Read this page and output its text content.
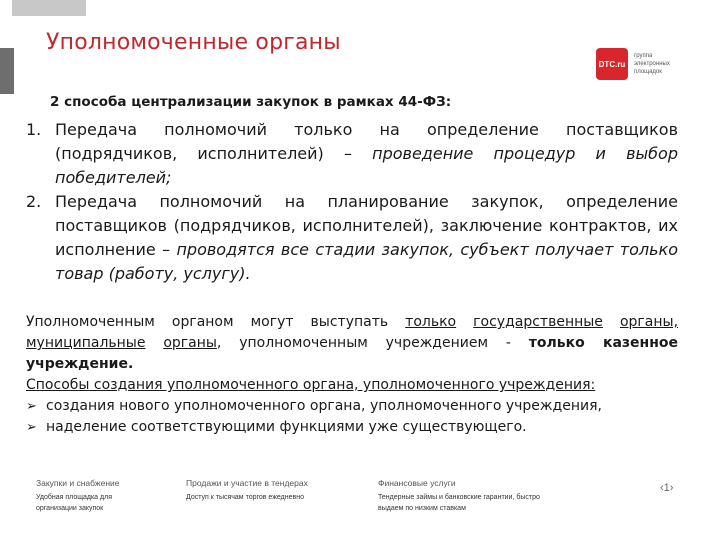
Уполномоченные органы
DTC.ru
группа электронных площадок
2 способа централизации закупок в рамках 44-ФЗ:
1. Передача полномочий только на определение поставщиков (подрядчиков, исполнителей) – проведение процедур и выбор победителей;
2. Передача полномочий на планирование закупок, определение поставщиков (подрядчиков, исполнителей), заключение контрактов, их исполнение – проводятся все стадии закупок, субъект получает только товар (работу, услугу).

Уполномоченным органом могут выступать только государственные органы, муниципальные органы, уполномоченным учреждением - только казенное учреждение.

Способы создания уполномоченного органа, уполномоченного учреждения:

➢ создания нового уполномоченного органа, уполномоченного учреждения,
➢ наделение соответствующими функциями уже существующего.
Закупки и снабжение
Удобная площадка для организации закупок
Продажи и участие в тендерах
Доступ к тысячам торгов ежедневно
Финансовые услуги
Тендерные займы и банковские гарантии, быстро выдаем по низким ставкам
‹1›
